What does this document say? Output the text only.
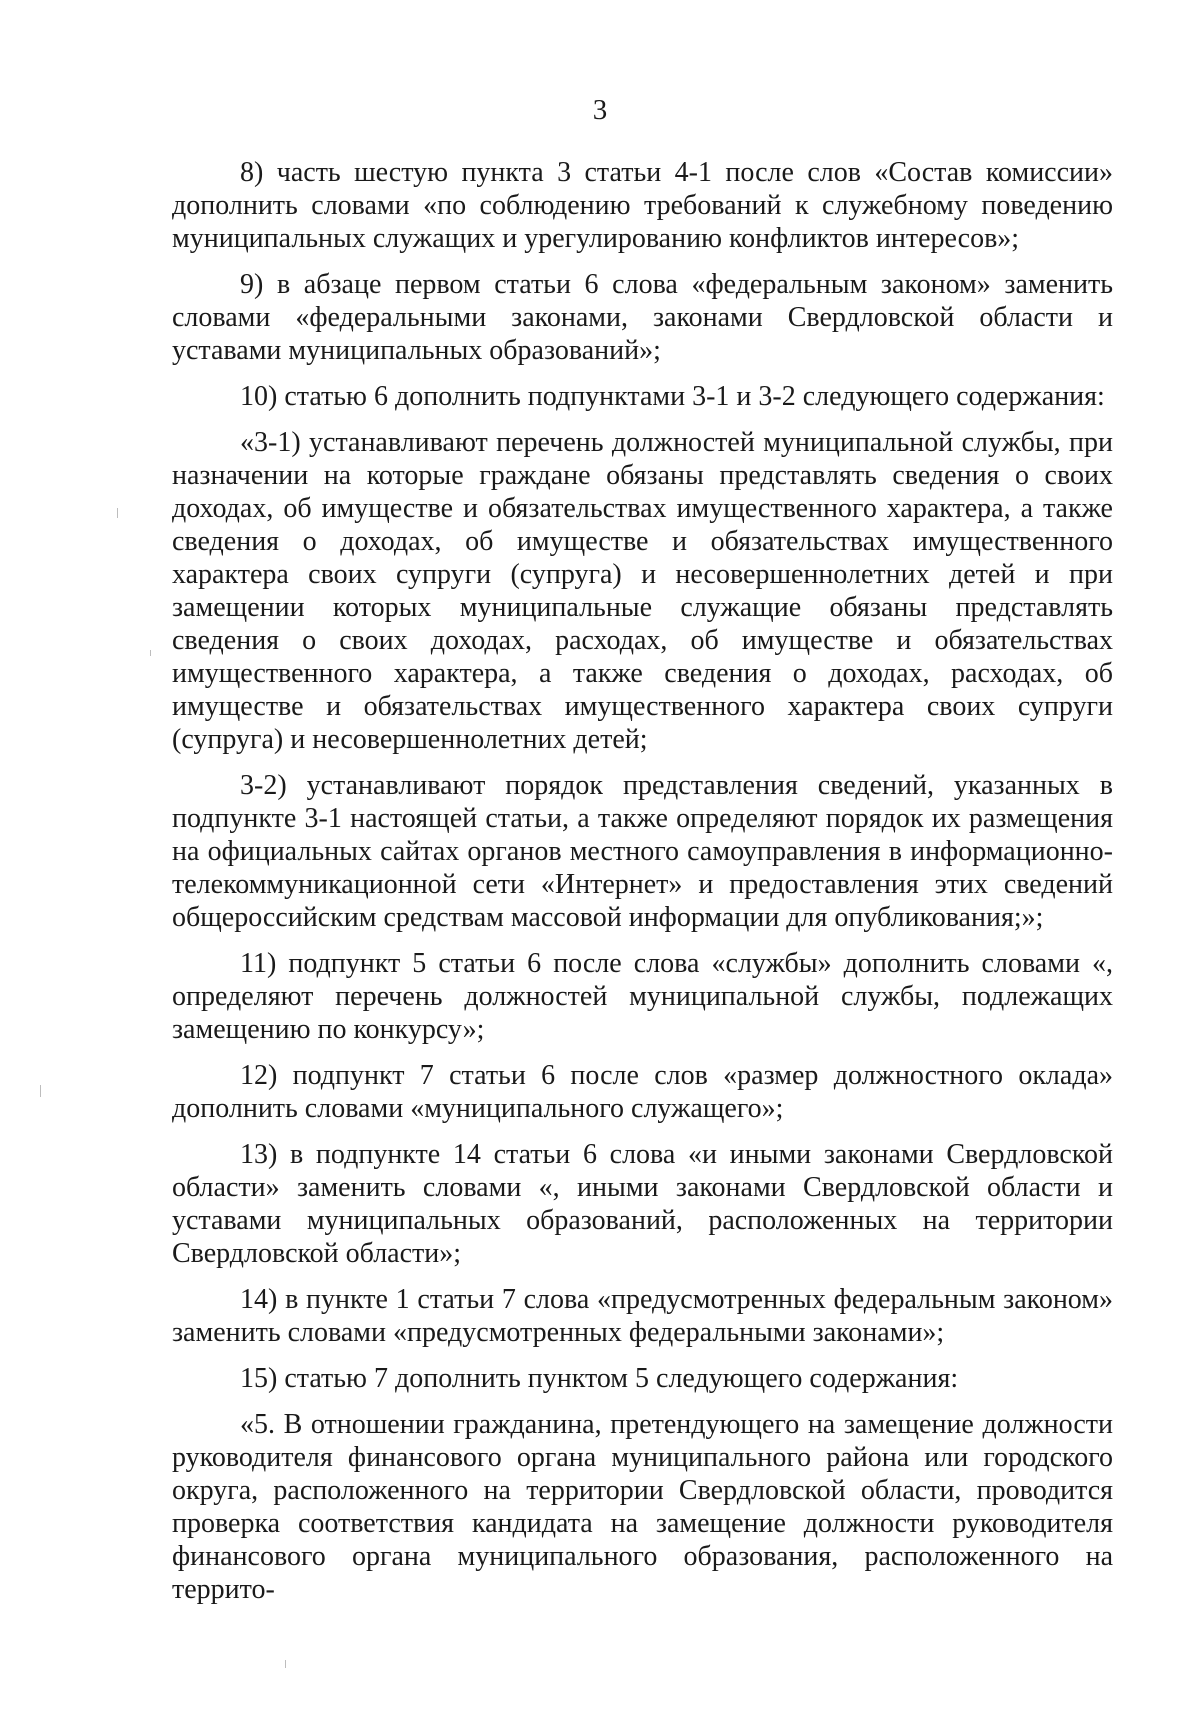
3

8) часть шестую пункта 3 статьи 4-1 после слов «Состав комиссии» дополнить словами «по соблюдению требований к служебному поведению муниципальных служащих и урегулированию конфликтов интересов»;

9) в абзаце первом статьи 6 слова «федеральным законом» заменить словами «федеральными законами, законами Свердловской области и уставами муниципальных образований»;

10) статью 6 дополнить подпунктами 3-1 и 3-2 следующего содержания:

«3-1) устанавливают перечень должностей муниципальной службы, при назначении на которые граждане обязаны представлять сведения о своих доходах, об имуществе и обязательствах имущественного характера, а также сведения о доходах, об имуществе и обязательствах имущественного характера своих супруги (супруга) и несовершеннолетних детей и при замещении которых муниципальные служащие обязаны представлять сведения о своих доходах, расходах, об имуществе и обязательствах имущественного характера, а также сведения о доходах, расходах, об имуществе и обязательствах имущественного характера своих супруги (супруга) и несовершеннолетних детей;

3-2) устанавливают порядок представления сведений, указанных в подпункте 3-1 настоящей статьи, а также определяют порядок их размещения на официальных сайтах органов местного самоуправления в информационно-телекоммуникационной сети «Интернет» и предоставления этих сведений общероссийским средствам массовой информации для опубликования;»;

11) подпункт 5 статьи 6 после слова «службы» дополнить словами «, определяют перечень должностей муниципальной службы, подлежащих замещению по конкурсу»;

12) подпункт 7 статьи 6 после слов «размер должностного оклада» дополнить словами «муниципального служащего»;

13) в подпункте 14 статьи 6 слова «и иными законами Свердловской области» заменить словами «, иными законами Свердловской области и уставами муниципальных образований, расположенных на территории Свердловской области»;

14) в пункте 1 статьи 7 слова «предусмотренных федеральным законом» заменить словами «предусмотренных федеральными законами»;

15) статью 7 дополнить пунктом 5 следующего содержания:

«5. В отношении гражданина, претендующего на замещение должности руководителя финансового органа муниципального района или городского округа, расположенного на территории Свердловской области, проводится проверка соответствия кандидата на замещение должности руководителя финансового органа муниципального образования, расположенного на террито-
